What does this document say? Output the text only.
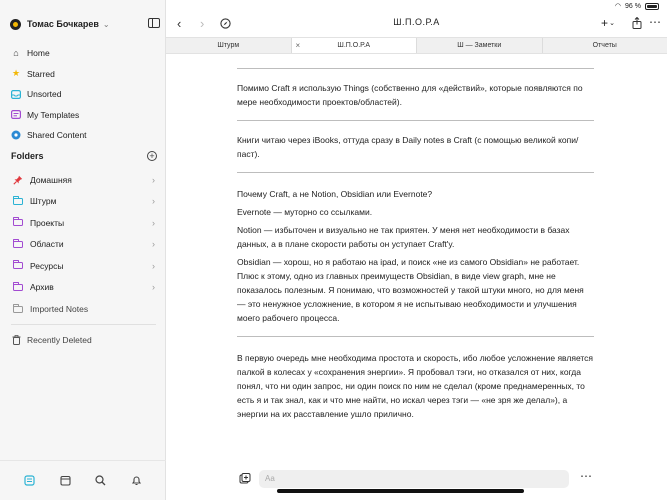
◠ 96 %
Томас Бочкарев ⌄
⌂ Home
★ Starred
Unsorted
My Templates
Shared Content
Folders	+
Домашняя	›
Штурм	›
Проекты	›
Области	›
Ресурсы	›
Архив	›
Imported Notes
Recently Deleted
‹ ›	Ш.П.О.Р.А	+ ⌄	⋯
Штурм	×	Ш.П.О.Р.А	Ш — Заметки	Отчеты

Помимо Craft я использую Things (собственно для «действий», которые появляются по мере необходимости проектов/областей).

Книги читаю через iBooks, оттуда сразу в Daily notes в Craft (с помощью великой копи/паст).

Почему Craft, а не Notion, Obsidian или Evernote?

Evernote — муторно со ссылками.

Notion — избыточен и визуально не так приятен. У меня нет необходимости в базах данных, а в плане скорости работы он уступает Craft'y.

Obsidian — хорош, но я работаю на ipad, и поиск «не из самого Obsidian» не работает. Плюс к этому, одно из главных преимуществ Obsidian, в виде view graph, мне не показалось полезным. Я понимаю, что возможностей у такой штуки много, но для меня — это ненужное усложнение, в котором я не испытываю необходимости и улучшения моего рабочего процесса.

В первую очередь мне необходима простота и скорость, ибо любое усложнение является палкой в колесах у «сохранения энергии». Я пробовал тэги, но отказался от них, когда понял, что ни один запрос, ни один поиск по ним не сделал (кроме преднамеренных, то есть я и так знал, как и что мне найти, но искал через тэги — «не зря же делал»), а энергии на их расставление ушло прилично.

Aa	⋯
